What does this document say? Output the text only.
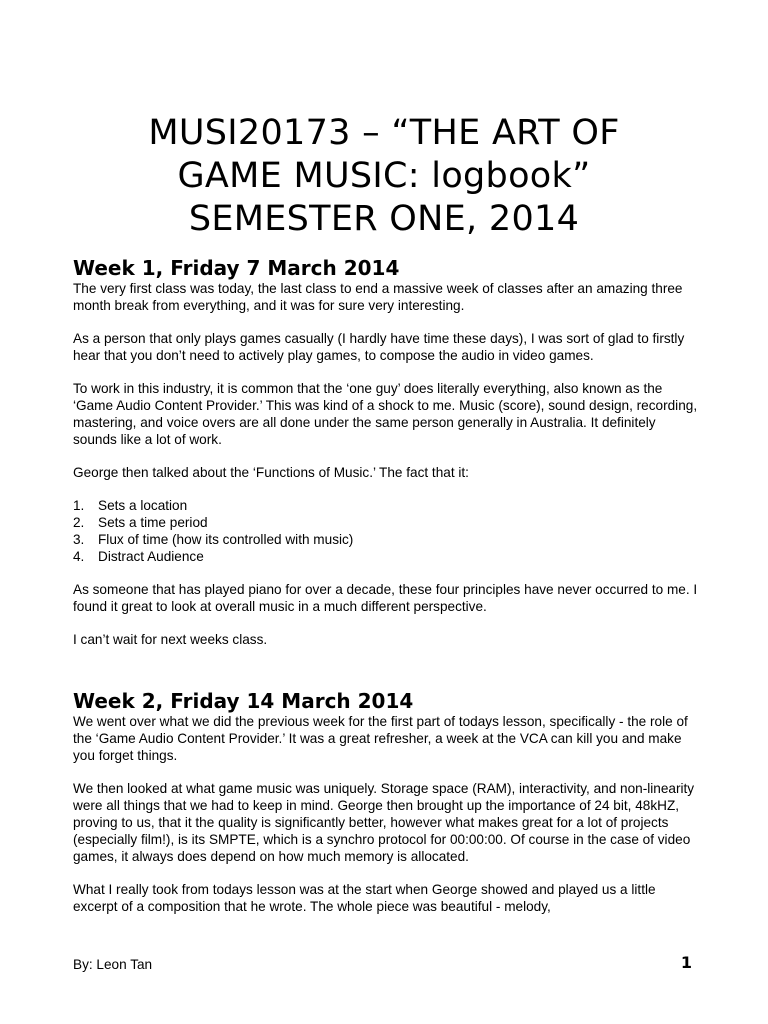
MUSI20173 – “THE ART OF
GAME MUSIC: logbook”
SEMESTER ONE, 2014
Week 1, Friday 7 March 2014

The very first class was today, the last class to end a massive week of classes after an amazing three month break from everything, and it was for sure very interesting.

As a person that only plays games casually (I hardly have time these days), I was sort of glad to firstly hear that you don’t need to actively play games, to compose the audio in video games.

To work in this industry, it is common that the ‘one guy’ does literally everything, also known as the ‘Game Audio Content Provider.’ This was kind of a shock to me. Music (score), sound design, recording, mastering, and voice overs are all done under the same person generally in Australia. It definitely sounds like a lot of work.

George then talked about the ‘Functions of Music.’ The fact that it:

1.	Sets a location
2.	Sets a time period
3.	Flux of time (how its controlled with music)
4.	Distract Audience

As someone that has played piano for over a decade, these four principles have never occurred to me. I found it great to look at overall music in a much different perspective.

I can’t wait for next weeks class.

Week 2, Friday 14 March 2014

We went over what we did the previous week for the first part of todays lesson, specifically - the role of the ‘Game Audio Content Provider.’ It was a great refresher, a week at the VCA can kill you and make you forget things.

We then looked at what game music was uniquely. Storage space (RAM), interactivity, and non-linearity were all things that we had to keep in mind. George then brought up the importance of 24 bit, 48kHZ, proving to us, that it the quality is significantly better, however what makes great for a lot of projects (especially film!), is its SMPTE, which is a synchro protocol for 00:00:00. Of course in the case of video games, it always does depend on how much memory is allocated.

What I really took from todays lesson was at the start when George showed and played us a little excerpt of a composition that he wrote. The whole piece was beautiful - melody,

By: Leon Tan	1
